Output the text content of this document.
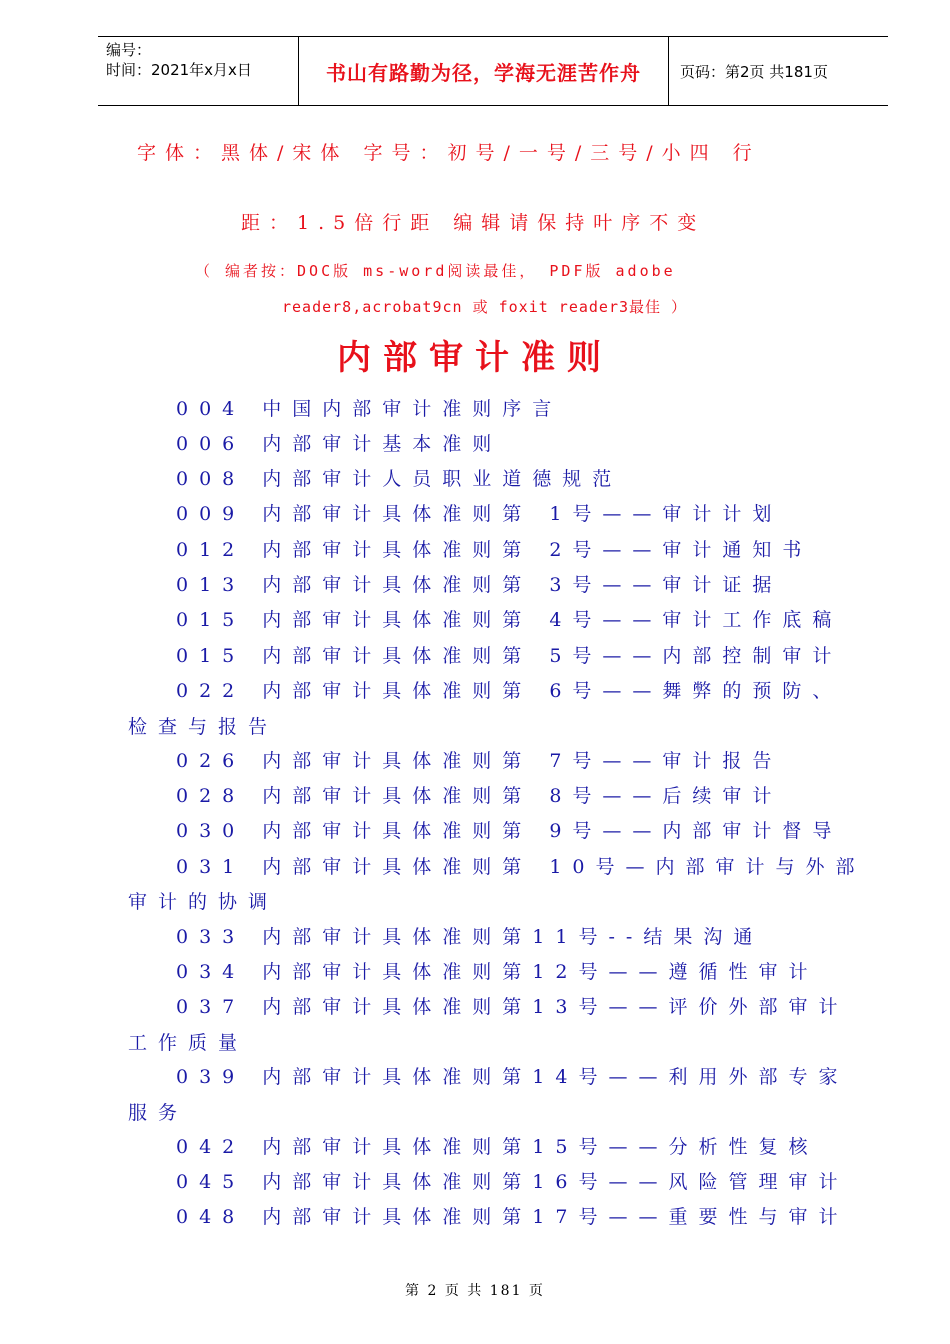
编号：
时间：2021年x月x日	书山有路勤为径，学海无涯苦作舟	页码：第2页 共181页
字体：黑体/宋体 字号：初号/一号/三号/小四 行
距：1.5倍行距 编辑请保持叶序不变
（ 编者按：DOC版 ms-word阅读最佳， PDF版 adobe
reader8,acrobat9cn 或 foxit reader3最佳 ）
内部审计准则
004 中国内部审计准则序言
006 内部审计基本准则
008 内部审计人员职业道德规范
009 内部审计具体准则第 1号——审计计划
012 内部审计具体准则第 2号——审计通知书
013 内部审计具体准则第 3号——审计证据
015 内部审计具体准则第 4号——审计工作底稿
015 内部审计具体准则第 5号——内部控制审计
022 内部审计具体准则第 6号——舞弊的预防、
检查与报告
026 内部审计具体准则第 7号——审计报告
028 内部审计具体准则第 8号——后续审计
030 内部审计具体准则第 9号——内部审计督导
031 内部审计具体准则第 10号—内部审计与外部
审计的协调
033 内部审计具体准则第11号--结果沟通
034 内部审计具体准则第12号——遵循性审计
037 内部审计具体准则第13号——评价外部审计
工作质量
039 内部审计具体准则第14号——利用外部专家
服务
042 内部审计具体准则第15号——分析性复核
045 内部审计具体准则第16号——风险管理审计
048 内部审计具体准则第17号——重要性与审计
第 2 页 共 181 页
